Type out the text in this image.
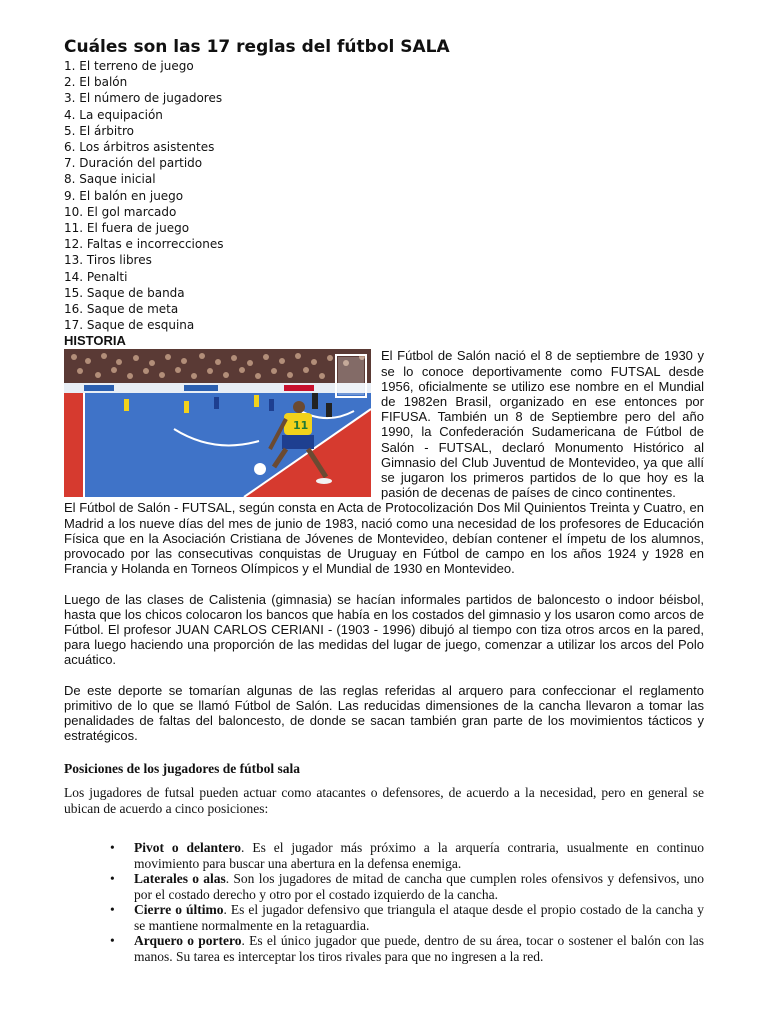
Cuáles son las 17 reglas del fútbol SALA
1. El terreno de juego
2. El balón
3. El número de jugadores
4. La equipación
5. El árbitro
6. Los árbitros asistentes
7. Duración del partido
8. Saque inicial
9. El balón en juego
10. El gol marcado
11. El fuera de juego
12. Faltas e incorrecciones
13. Tiros libres
14. Penalti
15. Saque de banda
16. Saque de meta
17. Saque de esquina
HISTORIA
11

El Fútbol de Salón nació el 8 de septiembre de 1930 y se lo conoce deportivamente como FUTSAL desde 1956, oficialmente se utilizo ese nombre en el Mundial de 1982en Brasil, organizado en ese entonces por FIFUSA. También un 8 de Septiembre pero del año 1990, la Confederación Sudamericana de Fútbol de Salón - FUTSAL, declaró Monumento Histórico al Gimnasio del Club Juventud de Montevideo, ya que allí se jugaron los primeros partidos de lo que hoy es la pasión de decenas de países de cinco continentes.

El Fútbol de Salón - FUTSAL, según consta en Acta de Protocolización Dos Mil Quinientos Treinta y Cuatro, en Madrid a los nueve días del mes de junio de 1983, nació como una necesidad de los profesores de Educación Física que en la Asociación Cristiana de Jóvenes de Montevideo, debían contener el ímpetu de los alumnos, provocado por las consecutivas conquistas de Uruguay en Fútbol de campo en los años 1924 y 1928 en Francia y Holanda en Torneos Olímpicos y el Mundial de 1930 en Montevideo.

Luego de las clases de Calistenia (gimnasia) se hacían informales partidos de baloncesto o indoor béisbol, hasta que los chicos colocaron los bancos que había en los costados del gimnasio y los usaron como arcos de Fútbol. El profesor JUAN CARLOS CERIANI - (1903 - 1996) dibujó al tiempo con tiza otros arcos en la pared, para luego haciendo una proporción de las medidas del lugar de juego, comenzar a utilizar los arcos del Polo acuático.

De este deporte se tomarían algunas de las reglas referidas al arquero para confeccionar el reglamento primitivo de lo que se llamó Fútbol de Salón. Las reducidas dimensiones de la cancha llevaron a tomar las penalidades de faltas del baloncesto, de donde se sacan también gran parte de los movimientos tácticos y estratégicos.

Posiciones de los jugadores de fútbol sala

Los jugadores de futsal pueden actuar como atacantes o defensores, de acuerdo a la necesidad, pero en general se ubican de acuerdo a cinco posiciones:

• Pivot o delantero. Es el jugador más próximo a la arquería contraria, usualmente en continuo movimiento para buscar una abertura en la defensa enemiga.
• Laterales o alas. Son los jugadores de mitad de cancha que cumplen roles ofensivos y defensivos, uno por el costado derecho y otro por el costado izquierdo de la cancha.
• Cierre o último. Es el jugador defensivo que triangula el ataque desde el propio costado de la cancha y se mantiene normalmente en la retaguardia.
• Arquero o portero. Es el único jugador que puede, dentro de su área, tocar o sostener el balón con las manos. Su tarea es interceptar los tiros rivales para que no ingresen a la red.
